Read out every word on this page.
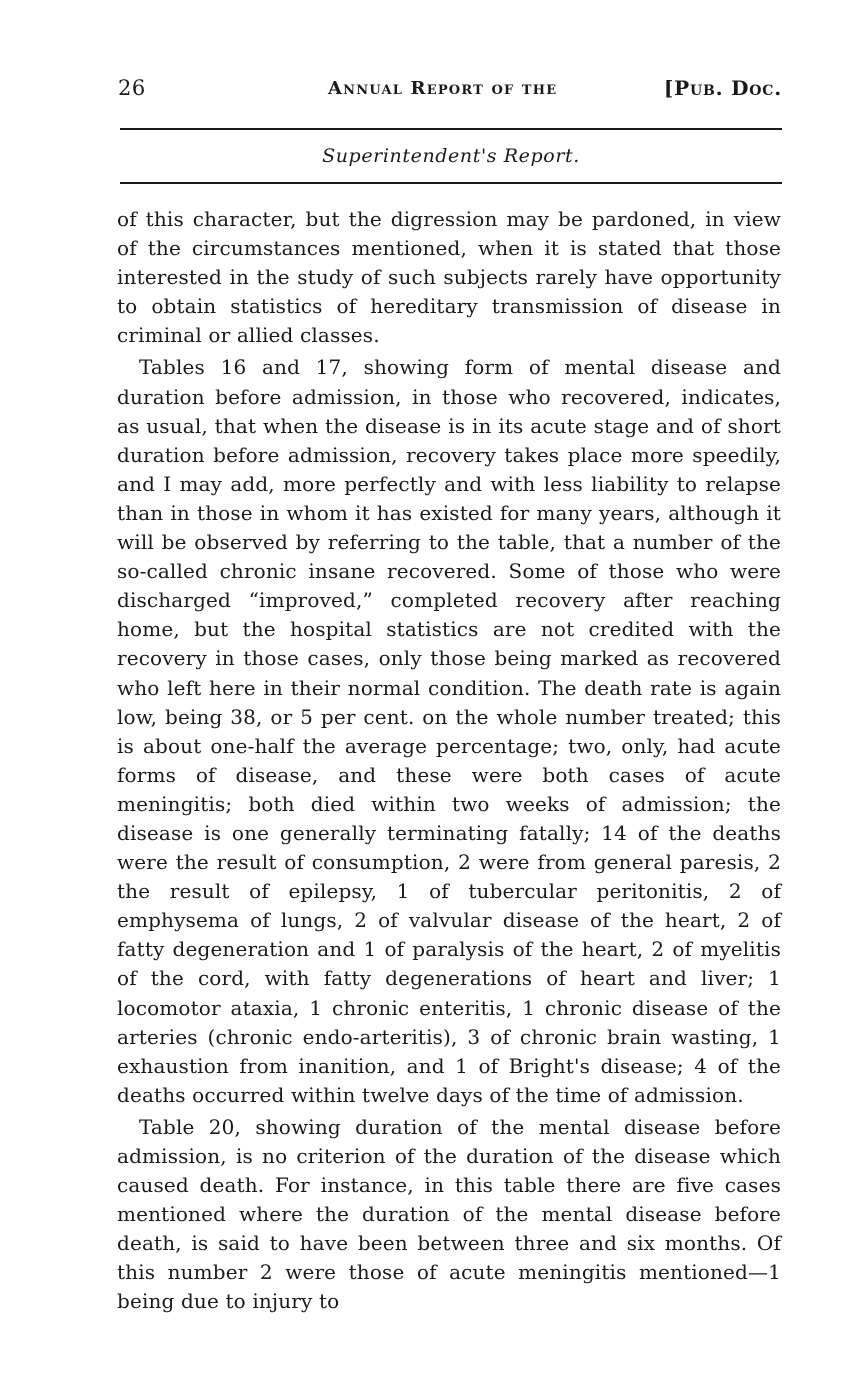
26	Annual Report of the	[Pub. Doc.
Superintendent's Report.

of this character, but the digression may be pardoned, in view of the circumstances mentioned, when it is stated that those interested in the study of such subjects rarely have opportunity to obtain statistics of hereditary transmission of disease in criminal or allied classes.

Tables 16 and 17, showing form of mental disease and duration before admission, in those who recovered, indicates, as usual, that when the disease is in its acute stage and of short duration before admission, recovery takes place more speedily, and I may add, more perfectly and with less liability to relapse than in those in whom it has existed for many years, although it will be observed by referring to the table, that a number of the so-called chronic insane recovered. Some of those who were discharged “improved,” completed recovery after reaching home, but the hospital statistics are not credited with the recovery in those cases, only those being marked as recovered who left here in their normal condition. The death rate is again low, being 38, or 5 per cent. on the whole number treated; this is about one-half the average percentage; two, only, had acute forms of disease, and these were both cases of acute meningitis; both died within two weeks of admission; the disease is one generally terminating fatally; 14 of the deaths were the result of consumption, 2 were from general paresis, 2 the result of epilepsy, 1 of tubercular peritonitis, 2 of emphysema of lungs, 2 of valvular disease of the heart, 2 of fatty degeneration and 1 of paralysis of the heart, 2 of myelitis of the cord, with fatty degenerations of heart and liver; 1 locomotor ataxia, 1 chronic enteritis, 1 chronic disease of the arteries (chronic endo-arteritis), 3 of chronic brain wasting, 1 exhaustion from inanition, and 1 of Bright's disease; 4 of the deaths occurred within twelve days of the time of admission.

Table 20, showing duration of the mental disease before admission, is no criterion of the duration of the disease which caused death. For instance, in this table there are five cases mentioned where the duration of the mental disease before death, is said to have been between three and six months. Of this number 2 were those of acute meningitis mentioned—1 being due to injury to
